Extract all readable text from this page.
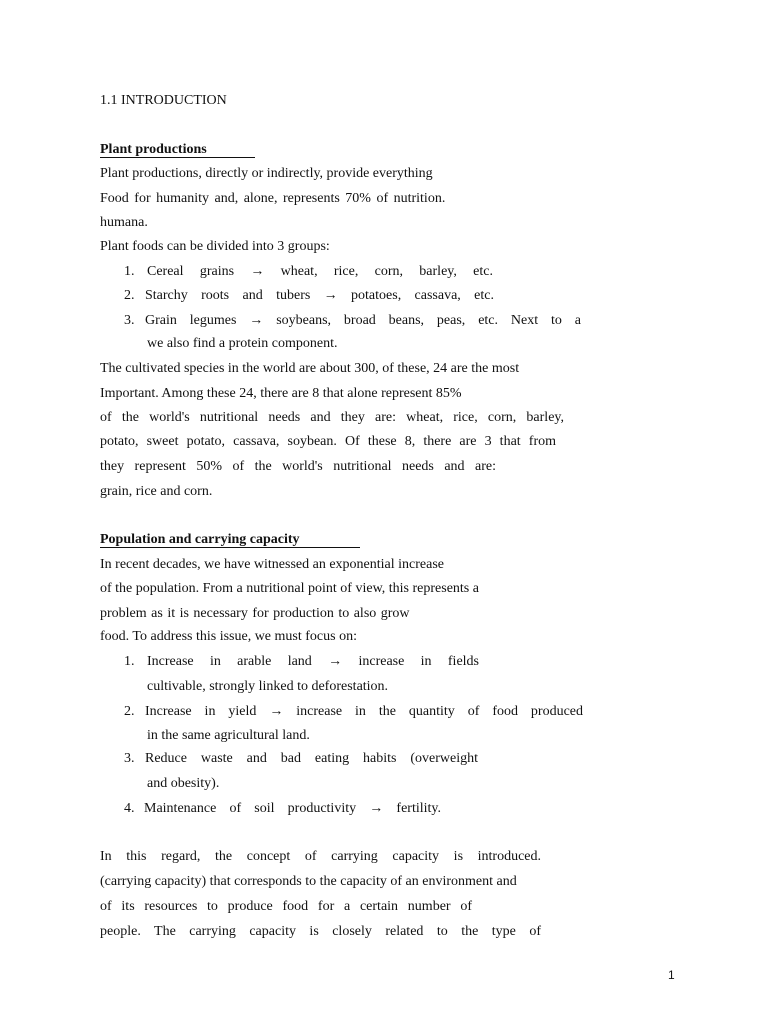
1.1 INTRODUCTION
Plant productions
Plant productions, directly or indirectly, provide everything
Food for humanity and, alone, represents 70% of nutrition.
humana.
Plant foods can be divided into 3 groups:
1. Cereal grains → wheat, rice, corn, barley, etc.
2. Starchy roots and tubers → potatoes, cassava, etc.
3. Grain legumes → soybeans, broad beans, peas, etc. Next to a
we also find a protein component.
The cultivated species in the world are about 300, of these, 24 are the most
Important. Among these 24, there are 8 that alone represent 85%
of the world's nutritional needs and they are: wheat, rice, corn, barley,
potato, sweet potato, cassava, soybean. Of these 8, there are 3 that from
they represent 50% of the world's nutritional needs and are:
grain, rice and corn.
Population and carrying capacity
In recent decades, we have witnessed an exponential increase
of the population. From a nutritional point of view, this represents a
problem as it is necessary for production to also grow
food. To address this issue, we must focus on:
1. Increase in arable land → increase in fields
cultivable, strongly linked to deforestation.
2. Increase in yield → increase in the quantity of food produced
in the same agricultural land.
3. Reduce waste and bad eating habits (overweight
and obesity).
4. Maintenance of soil productivity → fertility.
In this regard, the concept of carrying capacity is introduced.
(carrying capacity) that corresponds to the capacity of an environment and
of its resources to produce food for a certain number of
people. The carrying capacity is closely related to the type of
1
